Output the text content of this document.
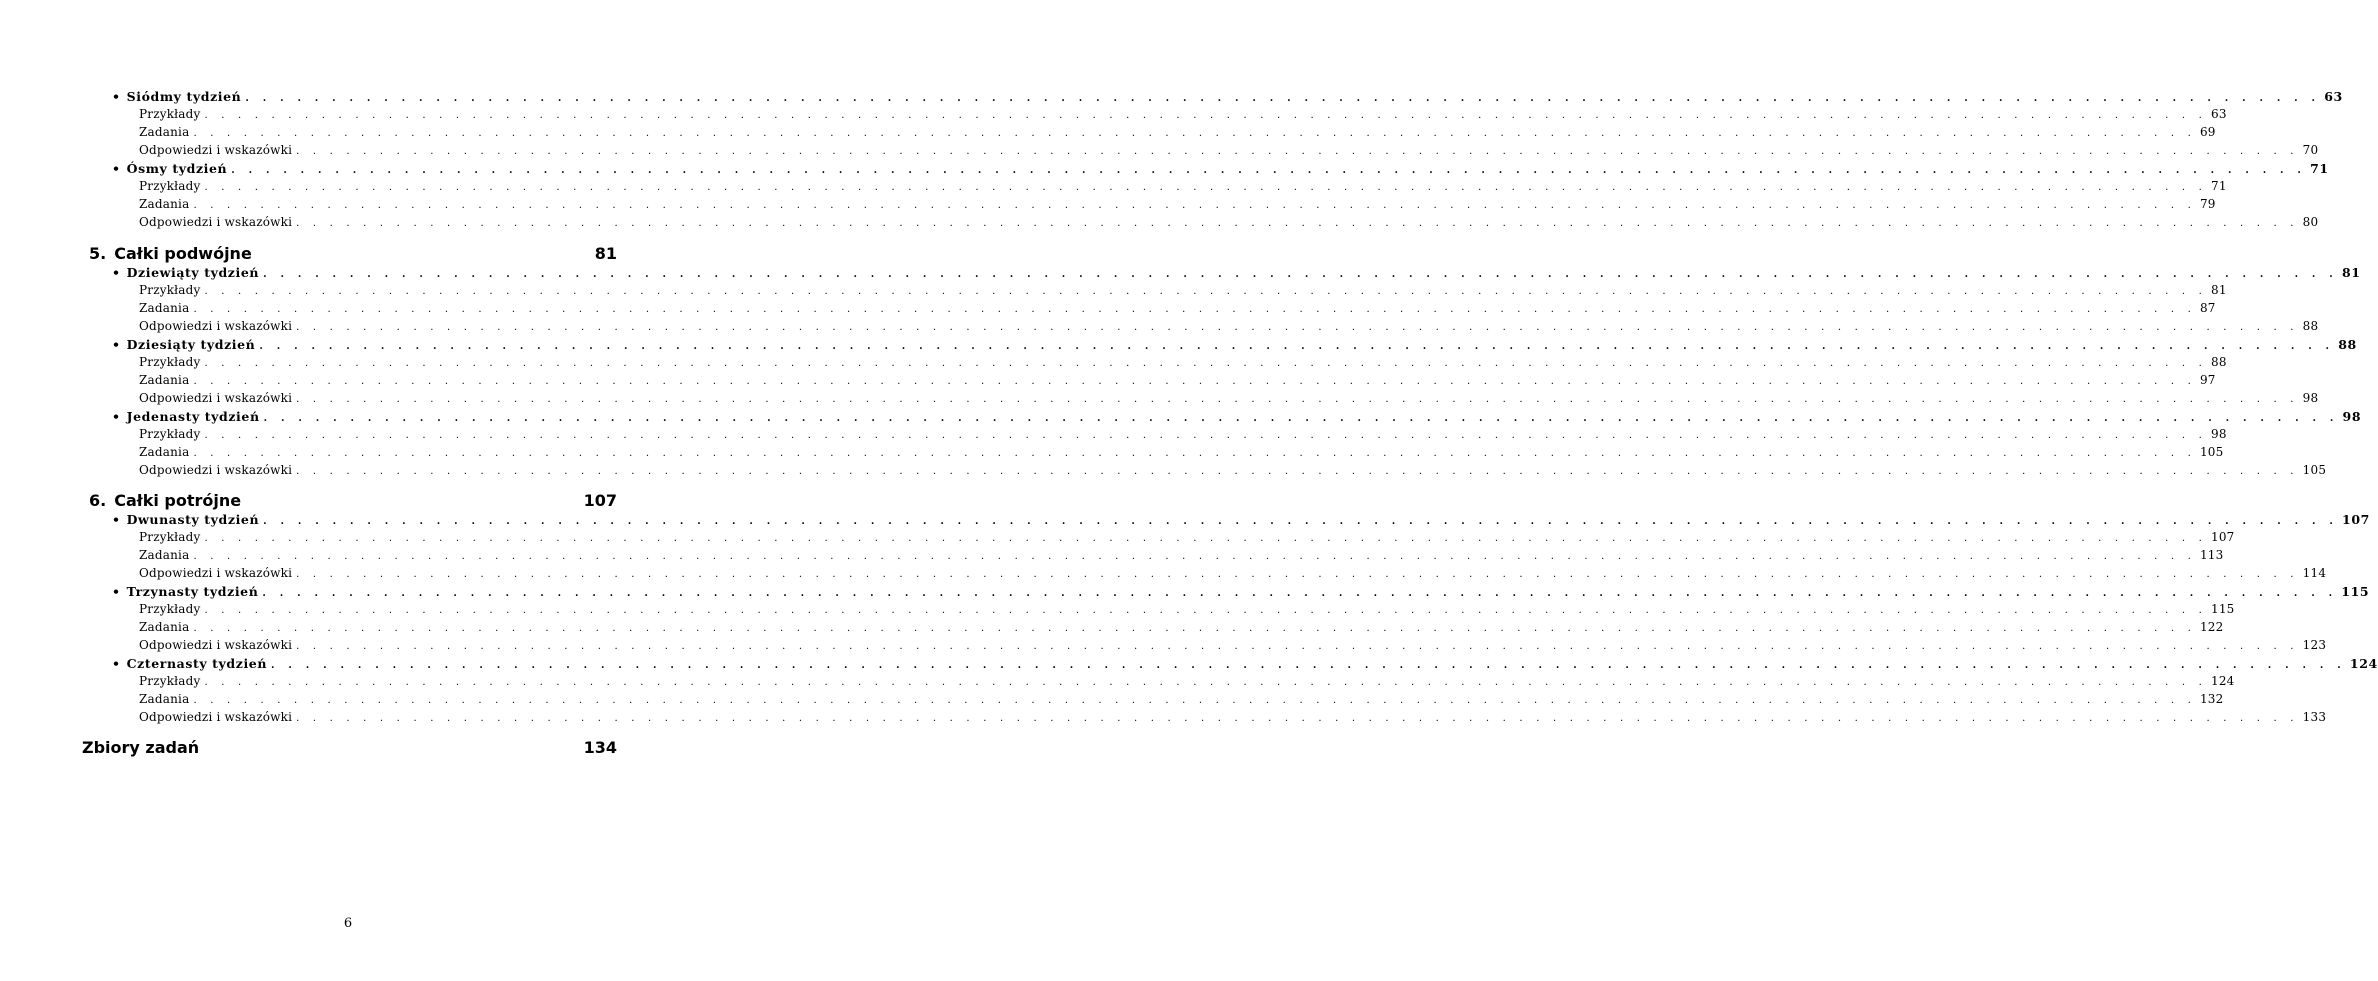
• Siódmy tydzień . . . . . . . . . . . . . . . . . . . . . . . . . . . . . . . . . . . . . . . . . . . . . . . . . . . . . . . . . . . . . . . . . . . . . . . . . . . . . . . . . . . . . . . . . . . . . . . . . . . . . . . . . . . . . . . . . . . . . . . . 63
Przykłady . . . . . . . . . . . . . . . . . . . . . . . . . . . . . . . . . . . . . . . . . . . . . . . . . . . . . . . . . . . . . . . . . . . . . . . . . . . . . . . . . . . . . . . . . . . . . . . . . . . . . . . . . . . . . . . . . . . . . . . . 63
Zadania . . . . . . . . . . . . . . . . . . . . . . . . . . . . . . . . . . . . . . . . . . . . . . . . . . . . . . . . . . . . . . . . . . . . . . . . . . . . . . . . . . . . . . . . . . . . . . . . . . . . . . . . . . . . . . . . . . . . . . . . 69
Odpowiedzi i wskazówki . . . . . . . . . . . . . . . . . . . . . . . . . . . . . . . . . . . . . . . . . . . . . . . . . . . . . . . . . . . . . . . . . . . . . . . . . . . . . . . . . . . . . . . . . . . . . . . . . . . . . . . . . . . . . . . . . . . . . . . . 70
• Ósmy tydzień . . . . . . . . . . . . . . . . . . . . . . . . . . . . . . . . . . . . . . . . . . . . . . . . . . . . . . . . . . . . . . . . . . . . . . . . . . . . . . . . . . . . . . . . . . . . . . . . . . . . . . . . . . . . . . . . . . . . . . . . 71
Przykłady . . . . . . . . . . . . . . . . . . . . . . . . . . . . . . . . . . . . . . . . . . . . . . . . . . . . . . . . . . . . . . . . . . . . . . . . . . . . . . . . . . . . . . . . . . . . . . . . . . . . . . . . . . . . . . . . . . . . . . . . 71
Zadania . . . . . . . . . . . . . . . . . . . . . . . . . . . . . . . . . . . . . . . . . . . . . . . . . . . . . . . . . . . . . . . . . . . . . . . . . . . . . . . . . . . . . . . . . . . . . . . . . . . . . . . . . . . . . . . . . . . . . . . . 79
Odpowiedzi i wskazówki . . . . . . . . . . . . . . . . . . . . . . . . . . . . . . . . . . . . . . . . . . . . . . . . . . . . . . . . . . . . . . . . . . . . . . . . . . . . . . . . . . . . . . . . . . . . . . . . . . . . . . . . . . . . . . . . . . . . . . . . 80
5. Całki podwójne	81
• Dziewiąty tydzień . . . . . . . . . . . . . . . . . . . . . . . . . . . . . . . . . . . . . . . . . . . . . . . . . . . . . . . . . . . . . . . . . . . . . . . . . . . . . . . . . . . . . . . . . . . . . . . . . . . . . . . . . . . . . . . . . . . . . . . . 81
Przykłady . . . . . . . . . . . . . . . . . . . . . . . . . . . . . . . . . . . . . . . . . . . . . . . . . . . . . . . . . . . . . . . . . . . . . . . . . . . . . . . . . . . . . . . . . . . . . . . . . . . . . . . . . . . . . . . . . . . . . . . . 81
Zadania . . . . . . . . . . . . . . . . . . . . . . . . . . . . . . . . . . . . . . . . . . . . . . . . . . . . . . . . . . . . . . . . . . . . . . . . . . . . . . . . . . . . . . . . . . . . . . . . . . . . . . . . . . . . . . . . . . . . . . . . 87
Odpowiedzi i wskazówki . . . . . . . . . . . . . . . . . . . . . . . . . . . . . . . . . . . . . . . . . . . . . . . . . . . . . . . . . . . . . . . . . . . . . . . . . . . . . . . . . . . . . . . . . . . . . . . . . . . . . . . . . . . . . . . . . . . . . . . . 88
• Dziesiąty tydzień . . . . . . . . . . . . . . . . . . . . . . . . . . . . . . . . . . . . . . . . . . . . . . . . . . . . . . . . . . . . . . . . . . . . . . . . . . . . . . . . . . . . . . . . . . . . . . . . . . . . . . . . . . . . . . . . . . . . . . . . 88
Przykłady . . . . . . . . . . . . . . . . . . . . . . . . . . . . . . . . . . . . . . . . . . . . . . . . . . . . . . . . . . . . . . . . . . . . . . . . . . . . . . . . . . . . . . . . . . . . . . . . . . . . . . . . . . . . . . . . . . . . . . . . 88
Zadania . . . . . . . . . . . . . . . . . . . . . . . . . . . . . . . . . . . . . . . . . . . . . . . . . . . . . . . . . . . . . . . . . . . . . . . . . . . . . . . . . . . . . . . . . . . . . . . . . . . . . . . . . . . . . . . . . . . . . . . . 97
Odpowiedzi i wskazówki . . . . . . . . . . . . . . . . . . . . . . . . . . . . . . . . . . . . . . . . . . . . . . . . . . . . . . . . . . . . . . . . . . . . . . . . . . . . . . . . . . . . . . . . . . . . . . . . . . . . . . . . . . . . . . . . . . . . . . . . 98
• Jedenasty tydzień . . . . . . . . . . . . . . . . . . . . . . . . . . . . . . . . . . . . . . . . . . . . . . . . . . . . . . . . . . . . . . . . . . . . . . . . . . . . . . . . . . . . . . . . . . . . . . . . . . . . . . . . . . . . . . . . . . . . . . . . 98
Przykłady . . . . . . . . . . . . . . . . . . . . . . . . . . . . . . . . . . . . . . . . . . . . . . . . . . . . . . . . . . . . . . . . . . . . . . . . . . . . . . . . . . . . . . . . . . . . . . . . . . . . . . . . . . . . . . . . . . . . . . . . 98
Zadania . . . . . . . . . . . . . . . . . . . . . . . . . . . . . . . . . . . . . . . . . . . . . . . . . . . . . . . . . . . . . . . . . . . . . . . . . . . . . . . . . . . . . . . . . . . . . . . . . . . . . . . . . . . . . . . . . . . . . . . . 105
Odpowiedzi i wskazówki . . . . . . . . . . . . . . . . . . . . . . . . . . . . . . . . . . . . . . . . . . . . . . . . . . . . . . . . . . . . . . . . . . . . . . . . . . . . . . . . . . . . . . . . . . . . . . . . . . . . . . . . . . . . . . . . . . . . . . . . 105
6. Całki potrójne	107
• Dwunasty tydzień . . . . . . . . . . . . . . . . . . . . . . . . . . . . . . . . . . . . . . . . . . . . . . . . . . . . . . . . . . . . . . . . . . . . . . . . . . . . . . . . . . . . . . . . . . . . . . . . . . . . . . . . . . . . . . . . . . . . . . . . 107
Przykłady . . . . . . . . . . . . . . . . . . . . . . . . . . . . . . . . . . . . . . . . . . . . . . . . . . . . . . . . . . . . . . . . . . . . . . . . . . . . . . . . . . . . . . . . . . . . . . . . . . . . . . . . . . . . . . . . . . . . . . . . 107
Zadania . . . . . . . . . . . . . . . . . . . . . . . . . . . . . . . . . . . . . . . . . . . . . . . . . . . . . . . . . . . . . . . . . . . . . . . . . . . . . . . . . . . . . . . . . . . . . . . . . . . . . . . . . . . . . . . . . . . . . . . . 113
Odpowiedzi i wskazówki . . . . . . . . . . . . . . . . . . . . . . . . . . . . . . . . . . . . . . . . . . . . . . . . . . . . . . . . . . . . . . . . . . . . . . . . . . . . . . . . . . . . . . . . . . . . . . . . . . . . . . . . . . . . . . . . . . . . . . . . 114
• Trzynasty tydzień . . . . . . . . . . . . . . . . . . . . . . . . . . . . . . . . . . . . . . . . . . . . . . . . . . . . . . . . . . . . . . . . . . . . . . . . . . . . . . . . . . . . . . . . . . . . . . . . . . . . . . . . . . . . . . . . . . . . . . . . 115
Przykłady . . . . . . . . . . . . . . . . . . . . . . . . . . . . . . . . . . . . . . . . . . . . . . . . . . . . . . . . . . . . . . . . . . . . . . . . . . . . . . . . . . . . . . . . . . . . . . . . . . . . . . . . . . . . . . . . . . . . . . . . 115
Zadania . . . . . . . . . . . . . . . . . . . . . . . . . . . . . . . . . . . . . . . . . . . . . . . . . . . . . . . . . . . . . . . . . . . . . . . . . . . . . . . . . . . . . . . . . . . . . . . . . . . . . . . . . . . . . . . . . . . . . . . . 122
Odpowiedzi i wskazówki . . . . . . . . . . . . . . . . . . . . . . . . . . . . . . . . . . . . . . . . . . . . . . . . . . . . . . . . . . . . . . . . . . . . . . . . . . . . . . . . . . . . . . . . . . . . . . . . . . . . . . . . . . . . . . . . . . . . . . . . 123
• Czternasty tydzień . . . . . . . . . . . . . . . . . . . . . . . . . . . . . . . . . . . . . . . . . . . . . . . . . . . . . . . . . . . . . . . . . . . . . . . . . . . . . . . . . . . . . . . . . . . . . . . . . . . . . . . . . . . . . . . . . . . . . . . . 124
Przykłady . . . . . . . . . . . . . . . . . . . . . . . . . . . . . . . . . . . . . . . . . . . . . . . . . . . . . . . . . . . . . . . . . . . . . . . . . . . . . . . . . . . . . . . . . . . . . . . . . . . . . . . . . . . . . . . . . . . . . . . . 124
Zadania . . . . . . . . . . . . . . . . . . . . . . . . . . . . . . . . . . . . . . . . . . . . . . . . . . . . . . . . . . . . . . . . . . . . . . . . . . . . . . . . . . . . . . . . . . . . . . . . . . . . . . . . . . . . . . . . . . . . . . . . 132
Odpowiedzi i wskazówki . . . . . . . . . . . . . . . . . . . . . . . . . . . . . . . . . . . . . . . . . . . . . . . . . . . . . . . . . . . . . . . . . . . . . . . . . . . . . . . . . . . . . . . . . . . . . . . . . . . . . . . . . . . . . . . . . . . . . . . . 133
Zbiory zadań	134
6
